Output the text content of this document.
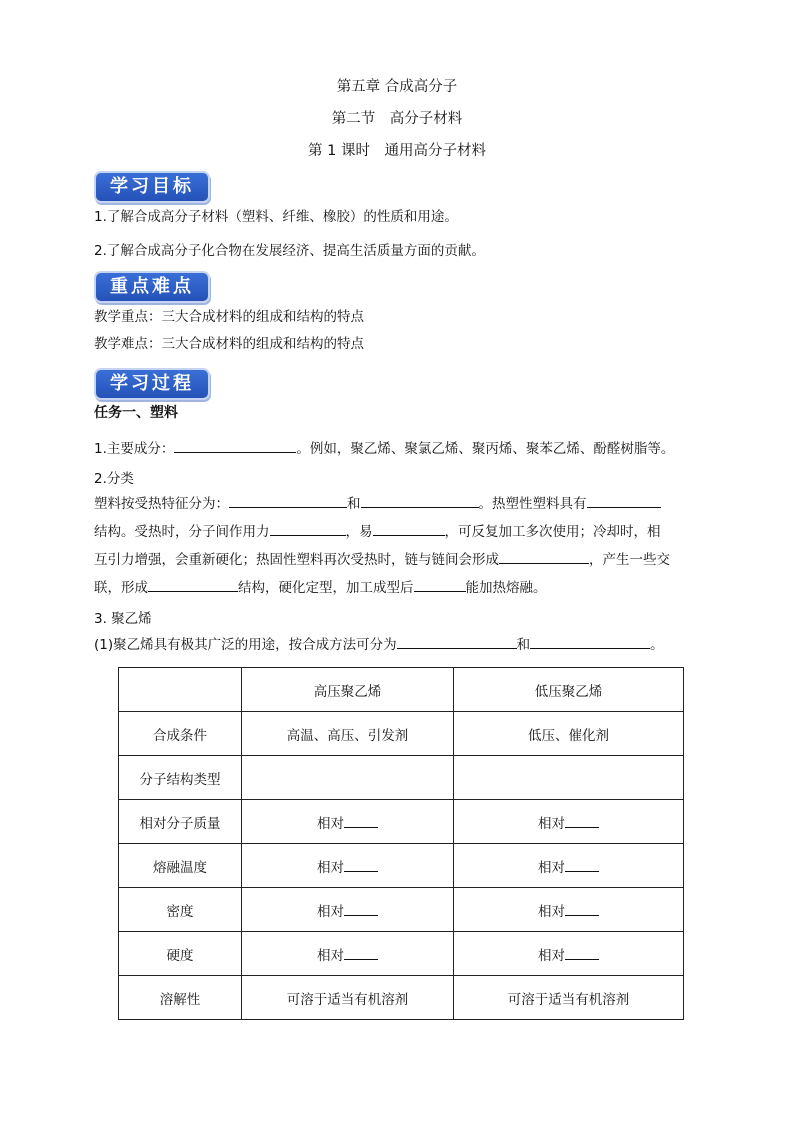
第五章 合成高分子
第二节　高分子材料
第 1 课时　通用高分子材料
学习目标
1.了解合成高分子材料（塑料、纤维、橡胶）的性质和用途。
2.了解合成高分子化合物在发展经济、提高生活质量方面的贡献。
重点难点
教学重点：三大合成材料的组成和结构的特点
教学难点：三大合成材料的组成和结构的特点
学习过程
任务一、塑料
1.主要成分：	。例如，聚乙烯、聚氯乙烯、聚丙烯、聚苯乙烯、酚醛树脂等。
2.分类
塑料按受热特征分为：	和	。热塑性塑料具有
结构。受热时，分子间作用力	，易	，可反复加工多次使用；冷却时，相
互引力增强，会重新硬化；热固性塑料再次受热时，链与链间会形成	，产生一些交
联，形成	结构，硬化定型，加工成型后	能加热熔融。
3. 聚乙烯
(1)聚乙烯具有极其广泛的用途，按合成方法可分为	和	。
	高压聚乙烯	低压聚乙烯
合成条件	高温、高压、引发剂	低压、催化剂
分子结构类型		
相对分子质量	相对	相对
熔融温度	相对	相对
密度	相对	相对
硬度	相对	相对
溶解性	可溶于适当有机溶剂	可溶于适当有机溶剂
